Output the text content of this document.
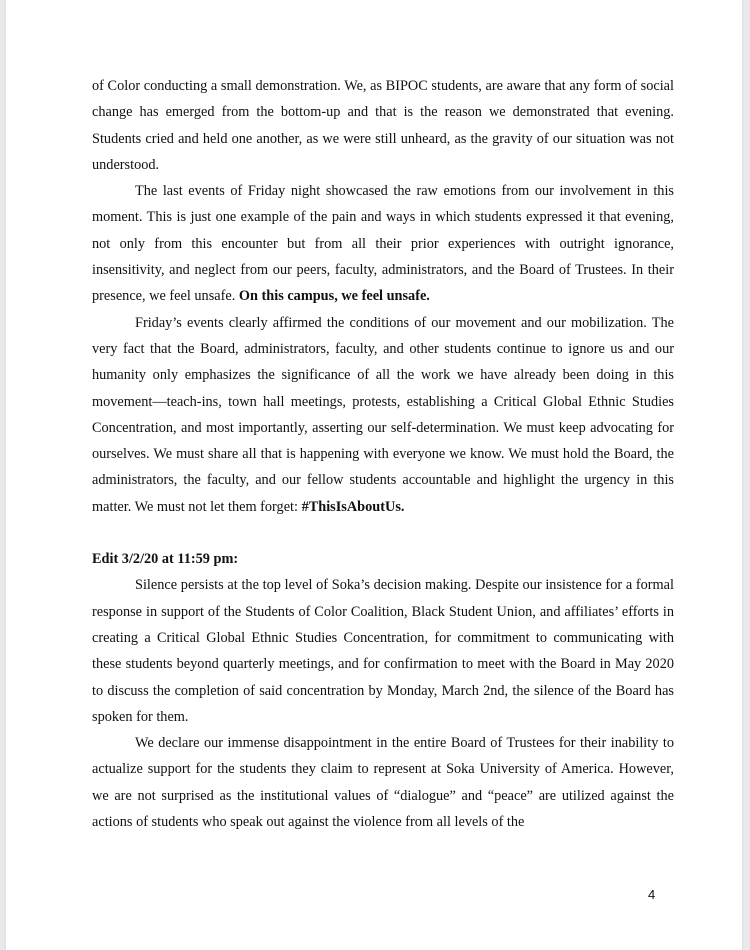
of Color conducting a small demonstration. We, as BIPOC students, are aware that any form of social change has emerged from the bottom-up and that is the reason we demonstrated that evening. Students cried and held one another, as we were still unheard, as the gravity of our situation was not understood.

The last events of Friday night showcased the raw emotions from our involvement in this moment. This is just one example of the pain and ways in which students expressed it that evening, not only from this encounter but from all their prior experiences with outright ignorance, insensitivity, and neglect from our peers, faculty, administrators, and the Board of Trustees. In their presence, we feel unsafe. On this campus, we feel unsafe.

Friday’s events clearly affirmed the conditions of our movement and our mobilization. The very fact that the Board, administrators, faculty, and other students continue to ignore us and our humanity only emphasizes the significance of all the work we have already been doing in this movement—teach-ins, town hall meetings, protests, establishing a Critical Global Ethnic Studies Concentration, and most importantly, asserting our self-determination. We must keep advocating for ourselves. We must share all that is happening with everyone we know. We must hold the Board, the administrators, the faculty, and our fellow students accountable and highlight the urgency in this matter. We must not let them forget: #ThisIsAboutUs.

Edit 3/2/20 at 11:59 pm:

Silence persists at the top level of Soka’s decision making. Despite our insistence for a formal response in support of the Students of Color Coalition, Black Student Union, and affiliates’ efforts in creating a Critical Global Ethnic Studies Concentration, for commitment to communicating with these students beyond quarterly meetings, and for confirmation to meet with the Board in May 2020 to discuss the completion of said concentration by Monday, March 2nd, the silence of the Board has spoken for them.

We declare our immense disappointment in the entire Board of Trustees for their inability to actualize support for the students they claim to represent at Soka University of America. However, we are not surprised as the institutional values of “dialogue” and “peace” are utilized against the actions of students who speak out against the violence from all levels of the

4
